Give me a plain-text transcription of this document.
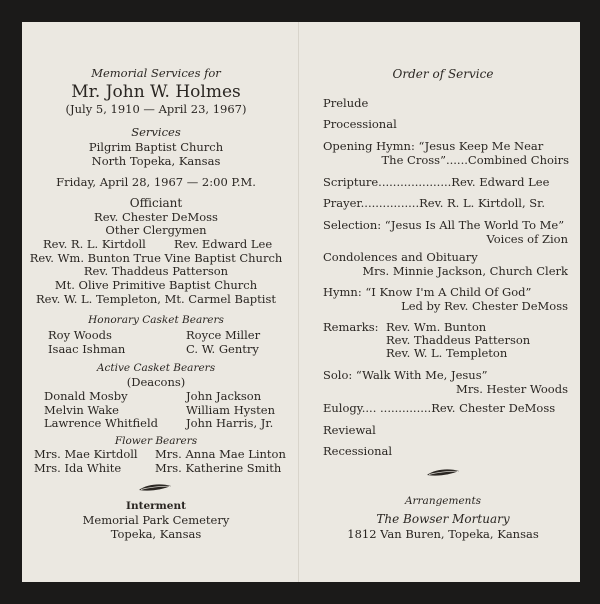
Memorial Services for
Mr. John W. Holmes
(July 5, 1910 — April 23, 1967)
Services
Pilgrim Baptist Church
North Topeka, Kansas
Friday, April 28, 1967 — 2:00 P.M.
Officiant
Rev. Chester DeMoss
Other Clergymen
Rev. R. L. Kirtdoll Rev. Edward Lee
Rev. Wm. Bunton True Vine Baptist Church
Rev. Thaddeus Patterson
Mt. Olive Primitive Baptist Church
Rev. W. L. Templeton, Mt. Carmel Baptist
Honorary Casket Bearers
Roy Woods	Royce Miller
Isaac Ishman	C. W. Gentry
Active Casket Bearers
(Deacons)
Donald Mosby	John Jackson
Melvin Wake	William Hysten
Lawrence Whitfield John Harris, Jr.
Flower Bearers
Mrs. Mae Kirtdoll Mrs. Anna Mae Linton
Mrs. Ida White	Mrs. Katherine Smith
Interment
Memorial Park Cemetery
Topeka, Kansas
Order of Service
Prelude
Processional
Opening Hymn: “Jesus Keep Me Near
The Cross”......Combined Choirs
Scripture....................Rev. Edward Lee
Prayer................Rev. R. L. Kirtdoll, Sr.
Selection: “Jesus Is All The World To Me”
Voices of Zion
Condolences and Obituary
Mrs. Minnie Jackson, Church Clerk
Hymn: “I Know I'm A Child Of God”
Led by Rev. Chester DeMoss
Remarks: Rev. Wm. Bunton
Rev. Thaddeus Patterson
Rev. W. L. Templeton
Solo: “Walk With Me, Jesus”
Mrs. Hester Woods
Eulogy.... ..............Rev. Chester DeMoss
Reviewal
Recessional
Arrangements
The Bowser Mortuary
1812 Van Buren, Topeka, Kansas
